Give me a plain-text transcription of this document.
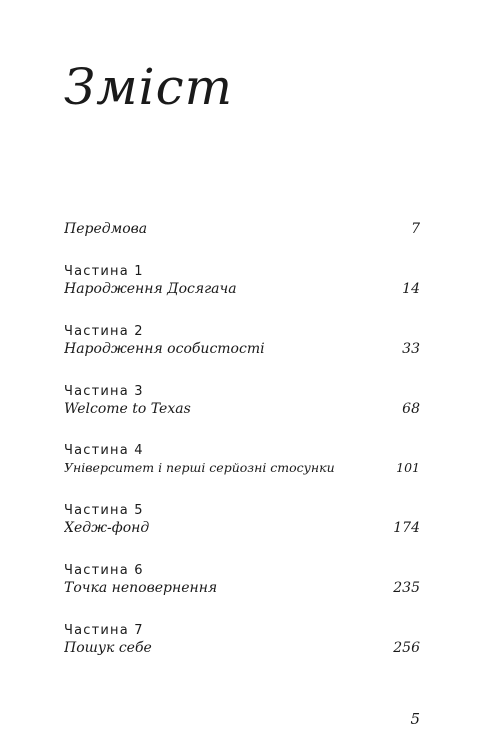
Зміст
Передмова	7
Частина 1
Народження Досягача	14
Частина 2
Народження особистості	33
Частина 3
Welcome to Texas	68
Частина 4
Університет і перші серйозні стосунки	101
Частина 5
Хедж-фонд	174
Частина 6
Точка неповернення	235
Частина 7
Пошук себе	256
5
